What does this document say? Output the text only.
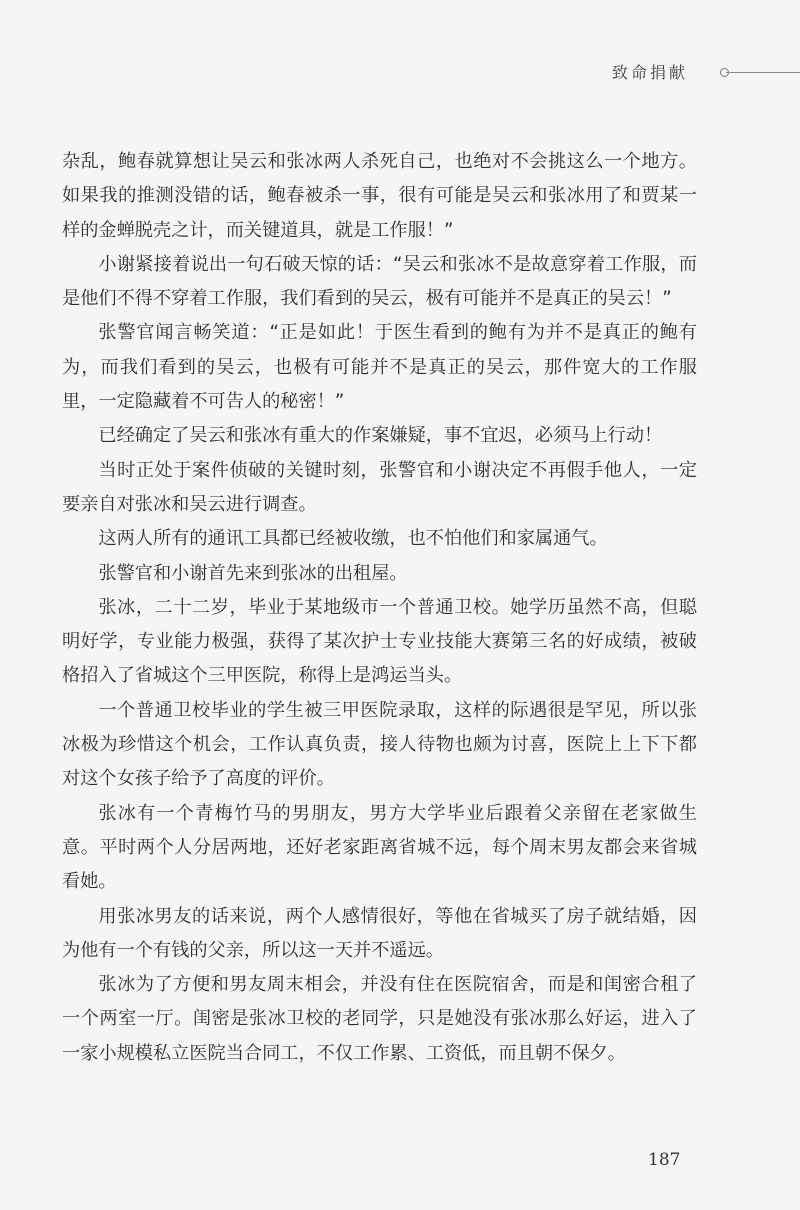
致命捐献

杂乱，鲍春就算想让吴云和张冰两人杀死自己，也绝对不会挑这么一个地方。如果我的推测没错的话，鲍春被杀一事，很有可能是吴云和张冰用了和贾某一样的金蝉脱壳之计，而关键道具，就是工作服！”

小谢紧接着说出一句石破天惊的话：“吴云和张冰不是故意穿着工作服，而是他们不得不穿着工作服，我们看到的吴云，极有可能并不是真正的吴云！”

张警官闻言畅笑道：“正是如此！于医生看到的鲍有为并不是真正的鲍有为，而我们看到的吴云，也极有可能并不是真正的吴云，那件宽大的工作服里，一定隐藏着不可告人的秘密！”

已经确定了吴云和张冰有重大的作案嫌疑，事不宜迟，必须马上行动！

当时正处于案件侦破的关键时刻，张警官和小谢决定不再假手他人，一定要亲自对张冰和吴云进行调查。

这两人所有的通讯工具都已经被收缴，也不怕他们和家属通气。

张警官和小谢首先来到张冰的出租屋。

张冰，二十二岁，毕业于某地级市一个普通卫校。她学历虽然不高，但聪明好学，专业能力极强，获得了某次护士专业技能大赛第三名的好成绩，被破格招入了省城这个三甲医院，称得上是鸿运当头。

一个普通卫校毕业的学生被三甲医院录取，这样的际遇很是罕见，所以张冰极为珍惜这个机会，工作认真负责，接人待物也颇为讨喜，医院上上下下都对这个女孩子给予了高度的评价。

张冰有一个青梅竹马的男朋友，男方大学毕业后跟着父亲留在老家做生意。平时两个人分居两地，还好老家距离省城不远，每个周末男友都会来省城看她。

用张冰男友的话来说，两个人感情很好，等他在省城买了房子就结婚，因为他有一个有钱的父亲，所以这一天并不遥远。

张冰为了方便和男友周末相会，并没有住在医院宿舍，而是和闺密合租了一个两室一厅。闺密是张冰卫校的老同学，只是她没有张冰那么好运，进入了一家小规模私立医院当合同工，不仅工作累、工资低，而且朝不保夕。

187
